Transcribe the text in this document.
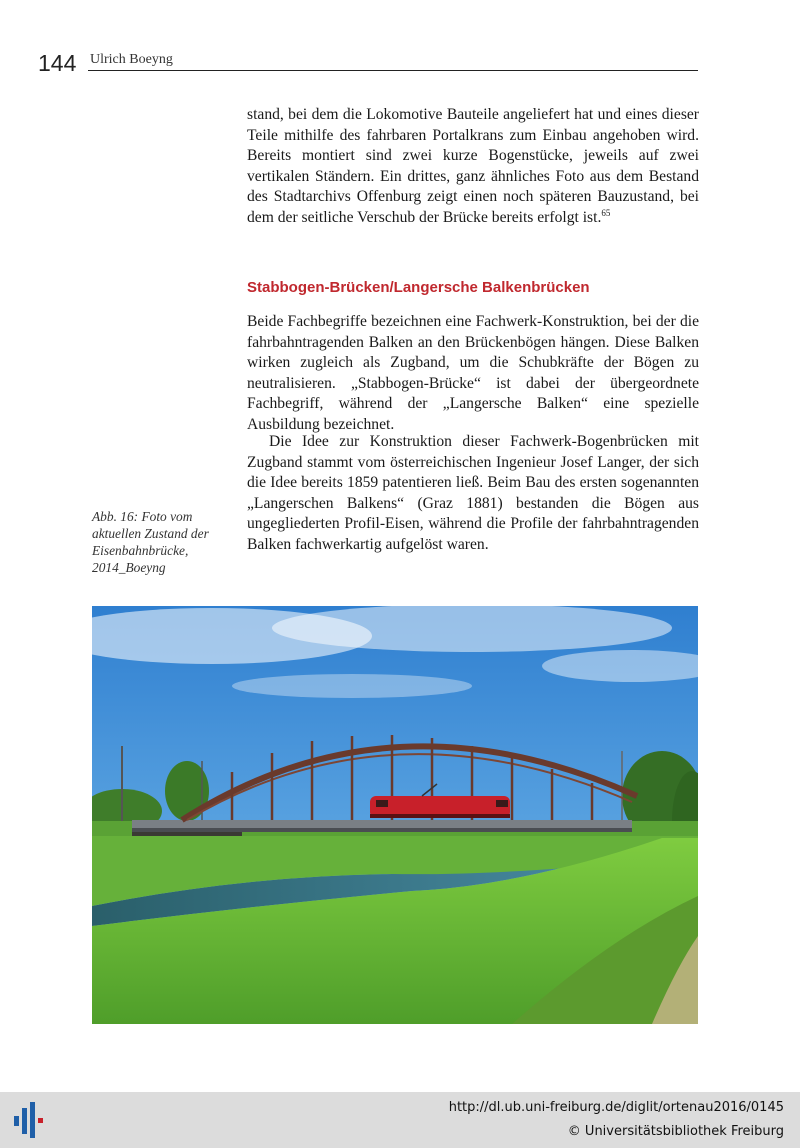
144 Ulrich Boeyng

stand, bei dem die Lokomotive Bauteile angeliefert hat und eines dieser Teile mithilfe des fahrbaren Portalkrans zum Einbau angehoben wird. Bereits montiert sind zwei kurze Bogenstücke, jeweils auf zwei vertikalen Ständern. Ein drittes, ganz ähnliches Foto aus dem Bestand des Stadtarchivs Offenburg zeigt einen noch späteren Bauzustand, bei dem der seitliche Verschub der Brücke bereits erfolgt ist.$^{65}$

Stabbogen-Brücken/Langersche Balkenbrücken

Beide Fachbegriffe bezeichnen eine Fachwerk-Konstruktion, bei der die fahrbahntragenden Balken an den Brückenbögen hängen. Diese Balken wirken zugleich als Zugband, um die Schubkräfte der Bögen zu neutralisieren. „Stabbogen-Brücke“ ist dabei der übergeordnete Fachbegriff, während der „Langersche Balken“ eine spezielle Ausbildung bezeichnet.

Die Idee zur Konstruktion dieser Fachwerk-Bogenbrücken mit Zugband stammt vom österreichischen Ingenieur Josef Langer, der sich die Idee bereits 1859 patentieren ließ. Beim Bau des ersten sogenannten „Langerschen Balkens“ (Graz 1881) bestanden die Bögen aus ungegliederten Profil-Eisen, während die Profile der fahrbahntragenden Balken fachwerkartig aufgelöst waren.

Abb. 16: Foto vom aktuellen Zustand der Eisenbahnbrücke, 2014_Boeyng
http://dl.ub.uni-freiburg.de/diglit/ortenau2016/0145
© Universitätsbibliothek Freiburg
